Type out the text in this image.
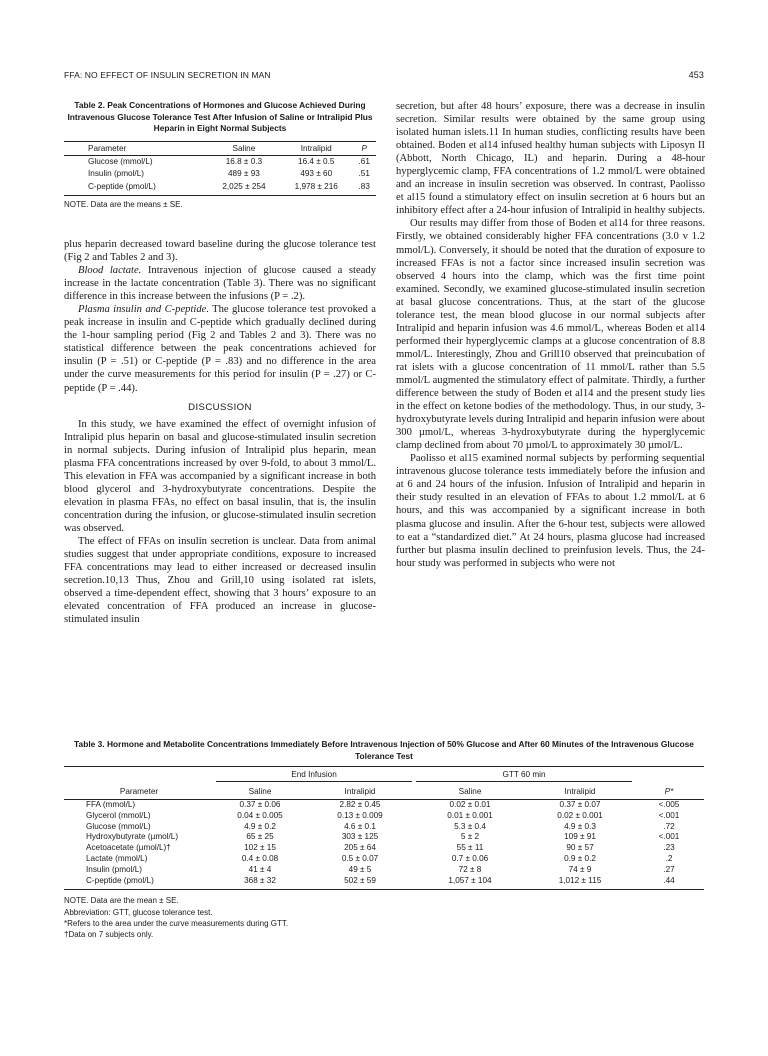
FFA: NO EFFECT OF INSULIN SECRETION IN MAN	453
Table 2. Peak Concentrations of Hormones and Glucose Achieved During Intravenous Glucose Tolerance Test After Infusion of Saline or Intralipid Plus Heparin in Eight Normal Subjects
Parameter	Saline	Intralipid	P
Glucose (mmol/L)	16.8 ± 0.3	16.4 ± 0.5	.61
Insulin (pmol/L)	489 ± 93	493 ± 60	.51
C-peptide (pmol/L)	2,025 ± 254	1,978 ± 216	.83
NOTE. Data are the means ± SE.

plus heparin decreased toward baseline during the glucose tolerance test (Fig 2 and Tables 2 and 3).

Blood lactate. Intravenous injection of glucose caused a steady increase in the lactate concentration (Table 3). There was no significant difference in this increase between the infusions (P = .2).

Plasma insulin and C-peptide. The glucose tolerance test provoked a peak increase in insulin and C-peptide which gradually declined during the 1-hour sampling period (Fig 2 and Tables 2 and 3). There was no statistical difference between the peak concentrations achieved for insulin (P = .51) or C-peptide (P = .83) and no difference in the area under the curve measurements for this period for insulin (P = .27) or C-peptide (P = .44).

DISCUSSION

In this study, we have examined the effect of overnight infusion of Intralipid plus heparin on basal and glucose-stimulated insulin secretion in normal subjects. During infusion of Intralipid plus heparin, mean plasma FFA concentrations increased by over 9-fold, to about 3 mmol/L. This elevation in FFA was accompanied by a significant increase in both blood glycerol and 3-hydroxybutyrate concentrations. Despite the elevation in plasma FFAs, no effect on basal insulin, that is, the insulin concentration during the infusion, or glucose-stimulated insulin secretion was observed.

The effect of FFAs on insulin secretion is unclear. Data from animal studies suggest that under appropriate conditions, exposure to increased FFA concentrations may lead to either increased or decreased insulin secretion.10,13 Thus, Zhou and Grill,10 using isolated rat islets, observed a time-dependent effect, showing that 3 hours’ exposure to an elevated concentration of FFA produced an increase in glucose-stimulated insulin

secretion, but after 48 hours’ exposure, there was a decrease in insulin secretion. Similar results were obtained by the same group using isolated human islets.11 In human studies, conflicting results have been obtained. Boden et al14 infused healthy human subjects with Liposyn II (Abbott, North Chicago, IL) and heparin. During a 48-hour hyperglycemic clamp, FFA concentrations of 1.2 mmol/L were obtained and an increase in insulin secretion was observed. In contrast, Paolisso et al15 found a stimulatory effect on insulin secretion at 6 hours but an inhibitory effect after a 24-hour infusion of Intralipid in healthy subjects.

Our results may differ from those of Boden et al14 for three reasons. Firstly, we obtained considerably higher FFA concentrations (3.0 v 1.2 mmol/L). Conversely, it should be noted that the duration of exposure to increased FFAs is not a factor since increased insulin secretion was observed 4 hours into the clamp, which was the first time point examined. Secondly, we examined glucose-stimulated insulin secretion at basal glucose concentrations. Thus, at the start of the glucose tolerance test, the mean blood glucose in our normal subjects after Intralipid and heparin infusion was 4.6 mmol/L, whereas Boden et al14 performed their hyperglycemic clamps at a glucose concentration of 8.8 mmol/L. Interestingly, Zhou and Grill10 observed that preincubation of rat islets with a glucose concentration of 11 mmol/L rather than 5.5 mmol/L augmented the stimulatory effect of palmitate. Thirdly, a further difference between the study of Boden et al14 and the present study lies in the effect on ketone bodies of the methodology. Thus, in our study, 3-hydroxybutyrate levels during Intralipid and heparin infusion were about 300 µmol/L, whereas 3-hydroxybutyrate during the hyperglycemic clamp declined from about 70 µmol/L to approximately 30 µmol/L.

Paolisso et al15 examined normal subjects by performing sequential intravenous glucose tolerance tests immediately before the infusion and at 6 and 24 hours of the infusion. Infusion of Intralipid and heparin in their study resulted in an elevation of FFAs to about 1.2 mmol/L at 6 hours, and this was accompanied by a significant increase in both plasma glucose and insulin. After the 6-hour test, subjects were allowed to eat a “standardized diet.” At 24 hours, plasma glucose had increased further but plasma insulin declined to preinfusion levels. Thus, the 24-hour study was performed in subjects who were not

Table 3. Hormone and Metabolite Concentrations Immediately Before Intravenous Injection of 50% Glucose and After 60 Minutes of the Intravenous Glucose Tolerance Test

	End Infusion		GTT 60 min		

Parameter	Saline	Intralipid	Saline	Intralipid	P*
FFA (mmol/L)	0.37 ± 0.06	2.82 ± 0.45	0.02 ± 0.01	0.37 ± 0.07	<.005
Glycerol (mmol/L)	0.04 ± 0.005	0.13 ± 0.009	0.01 ± 0.001	0.02 ± 0.001	<.001
Glucose (mmol/L)	4.9 ± 0.2	4.6 ± 0.1	5.3 ± 0.4	4.9 ± 0.3	.72
Hydroxybutyrate (µmol/L)	65 ± 25	303 ± 125	5 ± 2	109 ± 91	<.001
Acetoacetate (µmol/L)†	102 ± 15	205 ± 64	55 ± 11	90 ± 57	.23
Lactate (mmol/L)	0.4 ± 0.08	0.5 ± 0.07	0.7 ± 0.06	0.9 ± 0.2	.2
Insulin (pmol/L)	41 ± 4	49 ± 5	72 ± 8	74 ± 9	.27
C-peptide (pmol/L)	368 ± 32	502 ± 59	1,057 ± 104	1,012 ± 115	.44
NOTE. Data are the mean ± SE.
Abbreviation: GTT, glucose tolerance test.
*Refers to the area under the curve measurements during GTT.
†Data on 7 subjects only.
